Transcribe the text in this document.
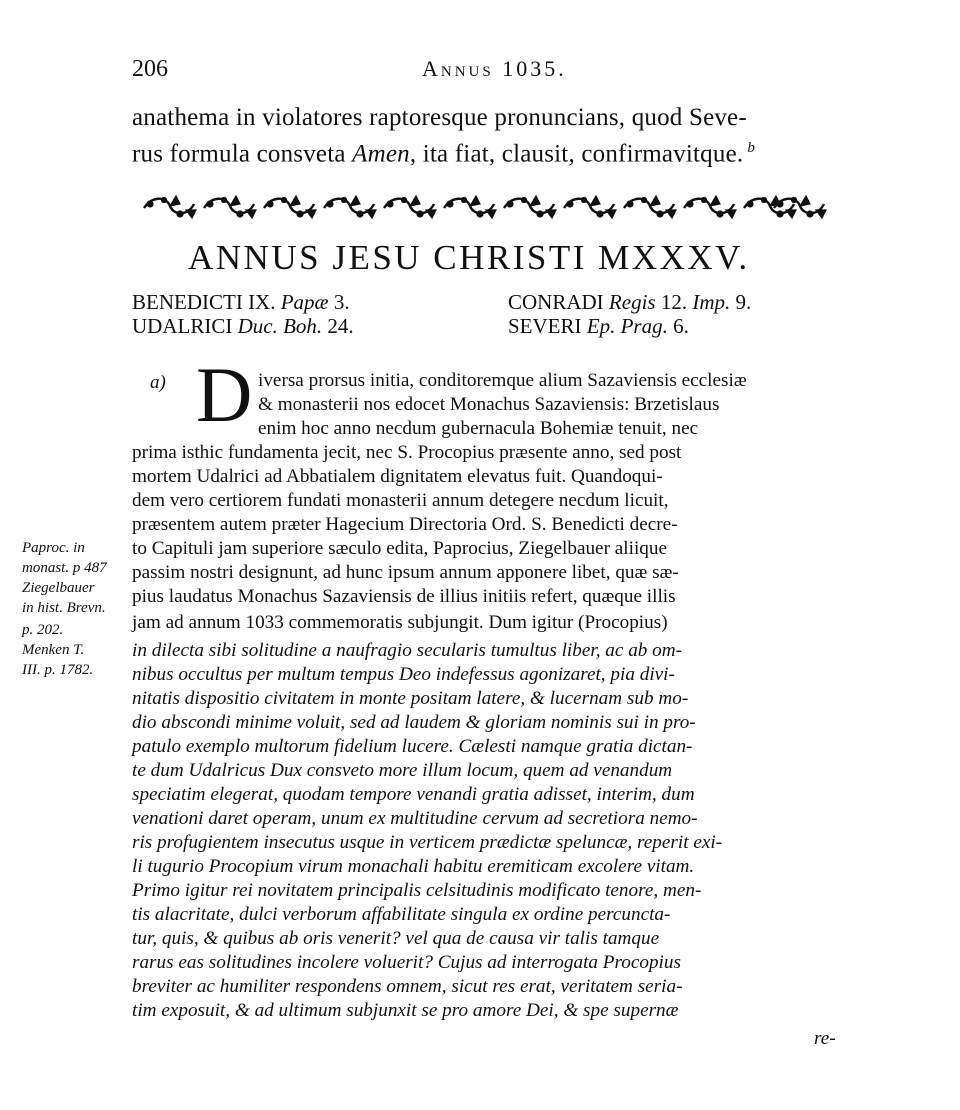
206	Annus 1035.
anathema in violatores raptoresque pronuncians, quod Seve-
rus formula consveta Amen, ita fiat, clausit, confirmavitque. $^b$
ANNUS JESU CHRISTI MXXXV.
BENEDICTI IX. Papæ 3.
UDALRICI Duc. Boh. 24.
CONRADI Regis 12. Imp. 9.
SEVERI Ep. Prag. 6.
a) D
Paproc. in
monast. p 487
Ziegelbauer
in hist. Brevn.
p. 202.
Menken T.
III. p. 1782.
iversa prorsus initia, conditoremque alium Sazaviensis ecclesiæ
& monasterii nos edocet Monachus Sazaviensis: Brzetislaus
enim hoc anno necdum gubernacula Bohemiæ tenuit, nec
prima isthic fundamenta jecit, nec S. Procopius præsente anno, sed post
mortem Udalrici ad Abbatialem dignitatem elevatus fuit. Quandoqui-
dem vero certiorem fundati monasterii annum detegere necdum licuit,
præsentem autem præter Hagecium Directoria Ord. S. Benedicti decre-
to Capituli jam superiore sæculo edita, Paprocius, Ziegelbauer aliique
passim nostri designunt, ad hunc ipsum annum apponere libet, quæ sæ-
pius laudatus Monachus Sazaviensis de illius initiis refert, quæque illis
jam ad annum 1033 commemoratis subjungit. Dum igitur (Procopius)
in dilecta sibi solitudine a naufragio secularis tumultus liber, ac ab om-
nibus occultus per multum tempus Deo indefessus agonizaret, pia divi-
nitatis dispositio civitatem in monte positam latere, & lucernam sub mo-
dio abscondi minime voluit, sed ad laudem & gloriam nominis sui in pro-
patulo exemplo multorum fidelium lucere. Cælesti namque gratia dictan-
te dum Udalricus Dux consveto more illum locum, quem ad venandum
speciatim elegerat, quodam tempore venandi gratia adisset, interim, dum
venationi daret operam, unum ex multitudine cervum ad secretiora nemo-
ris profugientem insecutus usque in verticem prædictæ speluncæ, reperit exi-
li tugurio Procopium virum monachali habitu eremiticam excolere vitam.
Primo igitur rei novitatem principalis celsitudinis modificato tenore, men-
tis alacritate, dulci verborum affabilitate singula ex ordine percuncta-
tur, quis, & quibus ab oris venerit? vel qua de causa vir talis tamque
rarus eas solitudines incolere voluerit? Cujus ad interrogata Procopius
breviter ac humiliter respondens omnem, sicut res erat, veritatem seria-
tim exposuit, & ad ultimum subjunxit se pro amore Dei, & spe supernæ
re-
